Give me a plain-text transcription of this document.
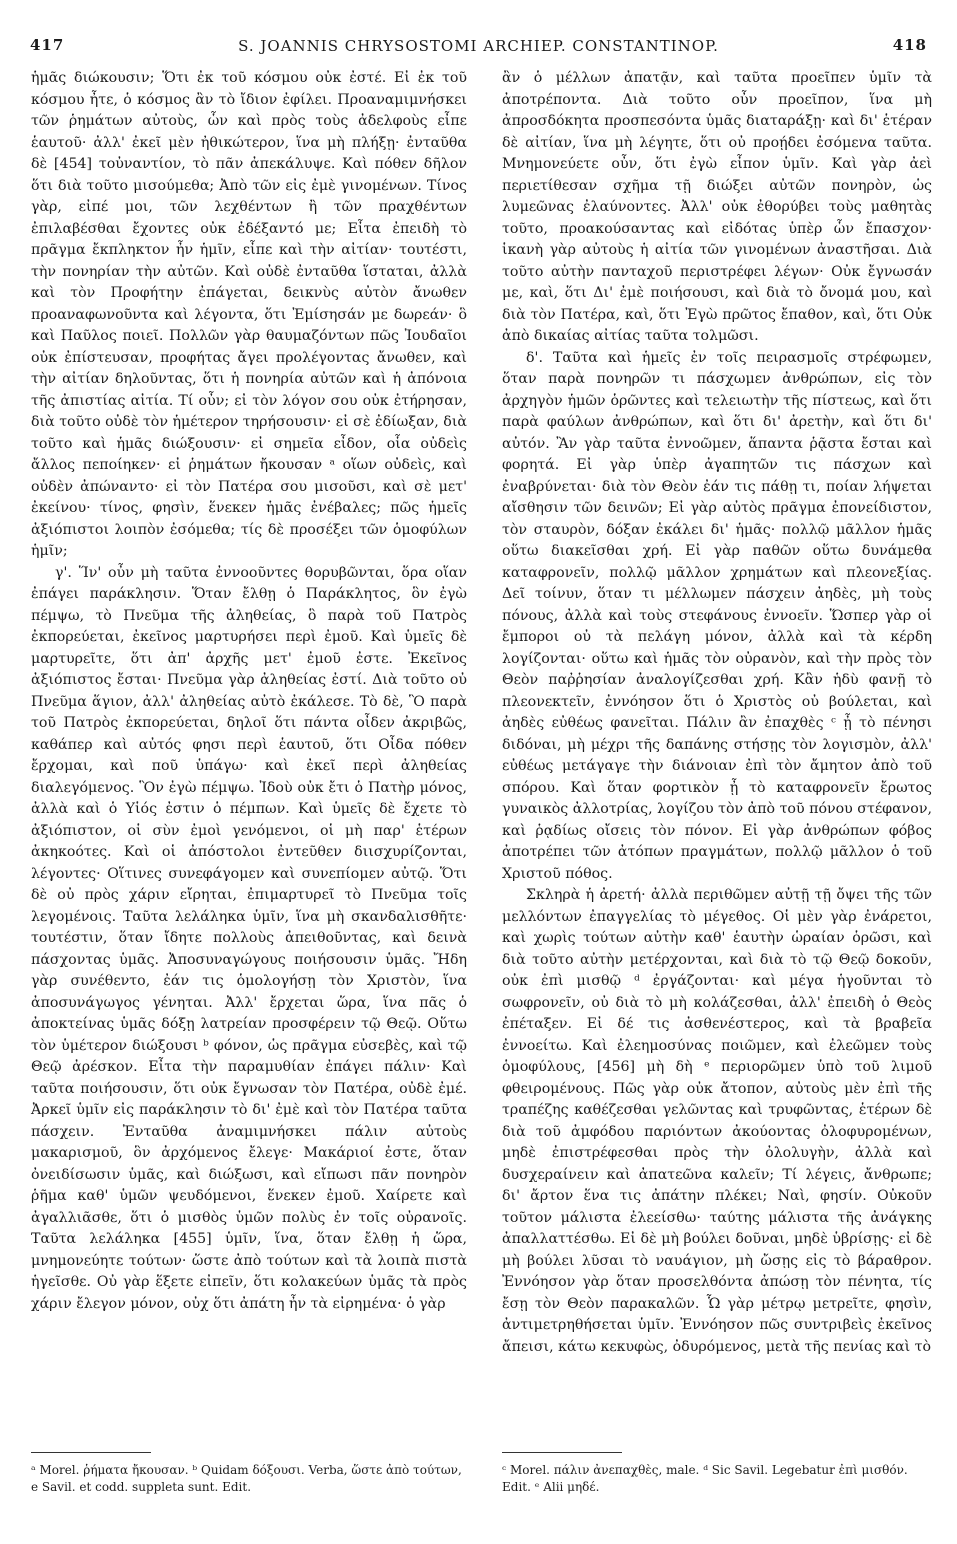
417	S. JOANNIS CHRYSOSTOMI ARCHIEP. CONSTANTINOP.	418

ἡμᾶς διώκουσιν; Ὅτι ἐκ τοῦ κόσμου οὐκ ἐστέ. Εἰ ἐκ τοῦ κόσμου ἦτε, ὁ κόσμος ἂν τὸ ἴδιον ἐφίλει. Προαναμιμνήσκει τῶν ῥημάτων αὐτοὺς, ὧν καὶ πρὸς τοὺς ἀδελφοὺς εἶπε ἑαυτοῦ· ἀλλ' ἐκεῖ μὲν ἠθικώτερον, ἵνα μὴ πλήξῃ· ἐνταῦθα δὲ [454] τοὐναντίον, τὸ πᾶν ἀπεκάλυψε. Καὶ πόθεν δῆλον ὅτι διὰ τοῦτο μισούμεθα; Ἀπὸ τῶν εἰς ἐμὲ γινομένων. Τίνος γὰρ, εἰπέ μοι, τῶν λεχθέντων ἢ τῶν πραχθέντων ἐπιλαβέσθαι ἔχοντες οὐκ ἐδέξαντό με; Εἶτα ἐπειδὴ τὸ πρᾶγμα ἔκπληκτον ἦν ἡμῖν, εἶπε καὶ τὴν αἰτίαν· τουτέστι, τὴν πονηρίαν τὴν αὐτῶν. Καὶ οὐδὲ ἐνταῦθα ἵσταται, ἀλλὰ καὶ τὸν Προφήτην ἐπάγεται, δεικνὺς αὐτὸν ἄνωθεν προαναφωνοῦντα καὶ λέγοντα, ὅτι Ἐμίσησάν με δωρεάν· ὃ καὶ Παῦλος ποιεῖ. Πολλῶν γὰρ θαυμαζόντων πῶς Ἰουδαῖοι οὐκ ἐπίστευσαν, προφήτας ἄγει προλέγοντας ἄνωθεν, καὶ τὴν αἰτίαν δηλοῦντας, ὅτι ἡ πονηρία αὐτῶν καὶ ἡ ἀπόνοια τῆς ἀπιστίας αἰτία. Τί οὖν; εἰ τὸν λόγον σου οὐκ ἐτήρησαν, διὰ τοῦτο οὐδὲ τὸν ἡμέτερον τηρήσουσιν· εἰ σὲ ἐδίωξαν, διὰ τοῦτο καὶ ἡμᾶς διώξουσιν· εἰ σημεῖα εἶδον, οἷα οὐδεὶς ἄλλος πεποίηκεν· εἰ ῥημάτων ἤκουσαν ᵃ οἵων οὐδεὶς, καὶ οὐδὲν ἀπώναντο· εἰ τὸν Πατέρα σου μισοῦσι, καὶ σὲ μετ' ἐκείνου· τίνος, φησὶν, ἕνεκεν ἡμᾶς ἐνέβαλες; πῶς ἡμεῖς ἀξιόπιστοι λοιπὸν ἐσόμεθα; τίς δὲ προσέξει τῶν ὁμοφύλων ἡμῖν;

γ'. Ἵν' οὖν μὴ ταῦτα ἐννοοῦντες θορυβῶνται, ὅρα οἵαν ἐπάγει παράκλησιν. Ὅταν ἔλθῃ ὁ Παράκλητος, ὃν ἐγὼ πέμψω, τὸ Πνεῦμα τῆς ἀληθείας, ὃ παρὰ τοῦ Πατρὸς ἐκπορεύεται, ἐκεῖνος μαρτυρήσει περὶ ἐμοῦ. Καὶ ὑμεῖς δὲ μαρτυρεῖτε, ὅτι ἀπ' ἀρχῆς μετ' ἐμοῦ ἐστε. Ἐκεῖνος ἀξιόπιστος ἔσται· Πνεῦμα γὰρ ἀληθείας ἐστί. Διὰ τοῦτο οὐ Πνεῦμα ἅγιον, ἀλλ' ἀληθείας αὐτὸ ἐκάλεσε. Τὸ δὲ, Ὃ παρὰ τοῦ Πατρὸς ἐκπορεύεται, δηλοῖ ὅτι πάντα οἶδεν ἀκριβῶς, καθάπερ καὶ αὐτός φησι περὶ ἑαυτοῦ, ὅτι Οἶδα πόθεν ἔρχομαι, καὶ ποῦ ὑπάγω· καὶ ἐκεῖ περὶ ἀληθείας διαλεγόμενος. Ὃν ἐγὼ πέμψω. Ἰδοὺ οὐκ ἔτι ὁ Πατὴρ μόνος, ἀλλὰ καὶ ὁ Υἱός ἐστιν ὁ πέμπων. Καὶ ὑμεῖς δὲ ἔχετε τὸ ἀξιόπιστον, οἱ σὺν ἐμοὶ γενόμενοι, οἱ μὴ παρ' ἑτέρων ἀκηκοότες. Καὶ οἱ ἀπόστολοι ἐντεῦθεν διισχυρίζονται, λέγοντες· Οἵτινες συνεφάγομεν καὶ συνεπίομεν αὐτῷ. Ὅτι δὲ οὐ πρὸς χάριν εἴρηται, ἐπιμαρτυρεῖ τὸ Πνεῦμα τοῖς λεγομένοις. Ταῦτα λελάληκα ὑμῖν, ἵνα μὴ σκανδαλισθῆτε· τουτέστιν, ὅταν ἴδητε πολλοὺς ἀπειθοῦντας, καὶ δεινὰ πάσχοντας ὑμᾶς. Ἀποσυναγώγους ποιήσουσιν ὑμᾶς. Ἤδη γὰρ συνέθεντο, ἐάν τις ὁμολογήσῃ τὸν Χριστὸν, ἵνα ἀποσυνάγωγος γένηται. Ἀλλ' ἔρχεται ὥρα, ἵνα πᾶς ὁ ἀποκτείνας ὑμᾶς δόξῃ λατρείαν προσφέρειν τῷ Θεῷ. Οὕτω τὸν ὑμέτερον διώξουσι ᵇ φόνον, ὡς πρᾶγμα εὐσεβὲς, καὶ τῷ Θεῷ ἀρέσκον. Εἶτα τὴν παραμυθίαν ἐπάγει πάλιν· Καὶ ταῦτα ποιήσουσιν, ὅτι οὐκ ἔγνωσαν τὸν Πατέρα, οὐδὲ ἐμέ. Ἀρκεῖ ὑμῖν εἰς παράκλησιν τὸ δι' ἐμὲ καὶ τὸν Πατέρα ταῦτα πάσχειν. Ἐνταῦθα ἀναμιμνήσκει πάλιν αὐτοὺς μακαρισμοῦ, ὃν ἀρχόμενος ἔλεγε· Μακάριοί ἐστε, ὅταν ὀνειδίσωσιν ὑμᾶς, καὶ διώξωσι, καὶ εἴπωσι πᾶν πονηρὸν ῥῆμα καθ' ὑμῶν ψευδόμενοι, ἕνεκεν ἐμοῦ. Χαίρετε καὶ ἀγαλλιᾶσθε, ὅτι ὁ μισθὸς ὑμῶν πολὺς ἐν τοῖς οὐρανοῖς. Ταῦτα λελάληκα [455] ὑμῖν, ἵνα, ὅταν ἔλθῃ ἡ ὥρα, μνημονεύητε τούτων· ὥστε ἀπὸ τούτων καὶ τὰ λοιπὰ πιστὰ ἡγεῖσθε. Οὐ γὰρ ἕξετε εἰπεῖν, ὅτι κολακεύων ὑμᾶς τὰ πρὸς χάριν ἔλεγον μόνον, οὐχ ὅτι ἀπάτη ἦν τὰ εἰρημένα· ὁ γὰρ

ἂν ὁ μέλλων ἀπατᾷν, καὶ ταῦτα προεῖπεν ὑμῖν τὰ ἀποτρέποντα. Διὰ τοῦτο οὖν προεῖπον, ἵνα μὴ ἀπροσδόκητα προσπεσόντα ὑμᾶς διαταράξῃ· καὶ δι' ἑτέραν δὲ αἰτίαν, ἵνα μὴ λέγητε, ὅτι οὐ προῄδει ἐσόμενα ταῦτα. Μνημονεύετε οὖν, ὅτι ἐγὼ εἶπον ὑμῖν. Καὶ γὰρ ἀεὶ περιετίθεσαν σχῆμα τῇ διώξει αὐτῶν πονηρὸν, ὡς λυμεῶνας ἐλαύνοντες. Ἀλλ' οὐκ ἐθορύβει τοὺς μαθητὰς τοῦτο, προακούσαντας καὶ εἰδότας ὑπὲρ ὧν ἔπασχον· ἱκανὴ γὰρ αὐτοὺς ἡ αἰτία τῶν γινομένων ἀναστῆσαι. Διὰ τοῦτο αὐτὴν πανταχοῦ περιστρέφει λέγων· Οὐκ ἔγνωσάν με, καὶ, ὅτι Δι' ἐμὲ ποιήσουσι, καὶ διὰ τὸ ὄνομά μου, καὶ διὰ τὸν Πατέρα, καὶ, ὅτι Ἐγὼ πρῶτος ἔπαθον, καὶ, ὅτι Οὐκ ἀπὸ δικαίας αἰτίας ταῦτα τολμῶσι.

δ'. Ταῦτα καὶ ἡμεῖς ἐν τοῖς πειρασμοῖς στρέφωμεν, ὅταν παρὰ πονηρῶν τι πάσχωμεν ἀνθρώπων, εἰς τὸν ἀρχηγὸν ἡμῶν ὁρῶντες καὶ τελειωτὴν τῆς πίστεως, καὶ ὅτι παρὰ φαύλων ἀνθρώπων, καὶ ὅτι δι' ἀρετὴν, καὶ ὅτι δι' αὐτόν. Ἂν γὰρ ταῦτα ἐννοῶμεν, ἅπαντα ῥᾷστα ἔσται καὶ φορητά. Εἰ γὰρ ὑπὲρ ἀγαπητῶν τις πάσχων καὶ ἐναβρύνεται· διὰ τὸν Θεὸν ἐάν τις πάθῃ τι, ποίαν λήψεται αἴσθησιν τῶν δεινῶν; Εἰ γὰρ αὐτὸς πρᾶγμα ἐπονείδιστον, τὸν σταυρὸν, δόξαν ἐκάλει δι' ἡμᾶς· πολλῷ μᾶλλον ἡμᾶς οὕτω διακεῖσθαι χρή. Εἰ γὰρ παθῶν οὕτω δυνάμεθα καταφρονεῖν, πολλῷ μᾶλλον χρημάτων καὶ πλεονεξίας. Δεῖ τοίνυν, ὅταν τι μέλλωμεν πάσχειν ἀηδὲς, μὴ τοὺς πόνους, ἀλλὰ καὶ τοὺς στεφάνους ἐννοεῖν. Ὥσπερ γὰρ οἱ ἔμποροι οὐ τὰ πελάγη μόνον, ἀλλὰ καὶ τὰ κέρδη λογίζονται· οὕτω καὶ ἡμᾶς τὸν οὐρανὸν, καὶ τὴν πρὸς τὸν Θεὸν παῤῥησίαν ἀναλογίζεσθαι χρή. Κἂν ἡδὺ φανῇ τὸ πλεονεκτεῖν, ἐννόησον ὅτι ὁ Χριστὸς οὐ βούλεται, καὶ ἀηδὲς εὐθέως φανεῖται. Πάλιν ἂν ἐπαχθὲς ᶜ ᾖ τὸ πένησι διδόναι, μὴ μέχρι τῆς δαπάνης στήσῃς τὸν λογισμὸν, ἀλλ' εὐθέως μετάγαγε τὴν διάνοιαν ἐπὶ τὸν ἄμητον ἀπὸ τοῦ σπόρου. Καὶ ὅταν φορτικὸν ᾖ τὸ καταφρονεῖν ἔρωτος γυναικὸς ἀλλοτρίας, λογίζου τὸν ἀπὸ τοῦ πόνου στέφανον, καὶ ῥᾳδίως οἴσεις τὸν πόνον. Εἰ γὰρ ἀνθρώπων φόβος ἀποτρέπει τῶν ἀτόπων πραγμάτων, πολλῷ μᾶλλον ὁ τοῦ Χριστοῦ πόθος.

Σκληρὰ ἡ ἀρετή· ἀλλὰ περιθῶμεν αὐτῇ τῇ ὄψει τῆς τῶν μελλόντων ἐπαγγελίας τὸ μέγεθος. Οἱ μὲν γὰρ ἐνάρετοι, καὶ χωρὶς τούτων αὐτὴν καθ' ἑαυτὴν ὡραίαν ὁρῶσι, καὶ διὰ τοῦτο αὐτὴν μετέρχονται, καὶ διὰ τὸ τῷ Θεῷ δοκοῦν, οὐκ ἐπὶ μισθῷ ᵈ ἐργάζονται· καὶ μέγα ἡγοῦνται τὸ σωφρονεῖν, οὐ διὰ τὸ μὴ κολάζεσθαι, ἀλλ' ἐπειδὴ ὁ Θεὸς ἐπέταξεν. Εἰ δέ τις ἀσθενέστερος, καὶ τὰ βραβεῖα ἐννοείτω. Καὶ ἐλεημοσύνας ποιῶμεν, καὶ ἐλεῶμεν τοὺς ὁμοφύλους, [456] μὴ δὴ ᵉ περιορῶμεν ὑπὸ τοῦ λιμοῦ φθειρομένους. Πῶς γὰρ οὐκ ἄτοπον, αὐτοὺς μὲν ἐπὶ τῆς τραπέζης καθέζεσθαι γελῶντας καὶ τρυφῶντας, ἑτέρων δὲ διὰ τοῦ ἀμφόδου παριόντων ἀκούοντας ὀλοφυρομένων, μηδὲ ἐπιστρέφεσθαι πρὸς τὴν ὀλολυγὴν, ἀλλὰ καὶ δυσχεραίνειν καὶ ἀπατεῶνα καλεῖν; Τί λέγεις, ἄνθρωπε; δι' ἄρτον ἕνα τις ἀπάτην πλέκει; Ναὶ, φησίν. Οὐκοῦν τοῦτον μάλιστα ἐλεείσθω· ταύτης μάλιστα τῆς ἀνάγκης ἀπαλλαττέσθω. Εἰ δὲ μὴ βούλει δοῦναι, μηδὲ ὑβρίσῃς· εἰ δὲ μὴ βούλει λῦσαι τὸ ναυάγιον, μὴ ὤσῃς εἰς τὸ βάραθρον. Ἐννόησον γὰρ ὅταν προσελθόντα ἀπώσῃ τὸν πένητα, τίς ἔσῃ τὸν Θεὸν παρακαλῶν. Ὧ γὰρ μέτρῳ μετρεῖτε, φησὶν, ἀντιμετρηθήσεται ὑμῖν. Ἐννόησον πῶς συντριβεὶς ἐκεῖνος ἄπεισι, κάτω κεκυφὼς, ὀδυρόμενος, μετὰ τῆς πενίας καὶ τὸ

ᵃ Morel. ῥήματα ἤκουσαν. ᵇ Quidam δόξουσι. Verba, ὥστε ἀπὸ τούτων, e Savil. et codd. suppleta sunt. Edit.
ᶜ Morel. πάλιν ἀνεπαχθὲς, male. ᵈ Sic Savil. Legebatur ἐπὶ μισθόν. Edit. ᵉ Alii μηδέ.
